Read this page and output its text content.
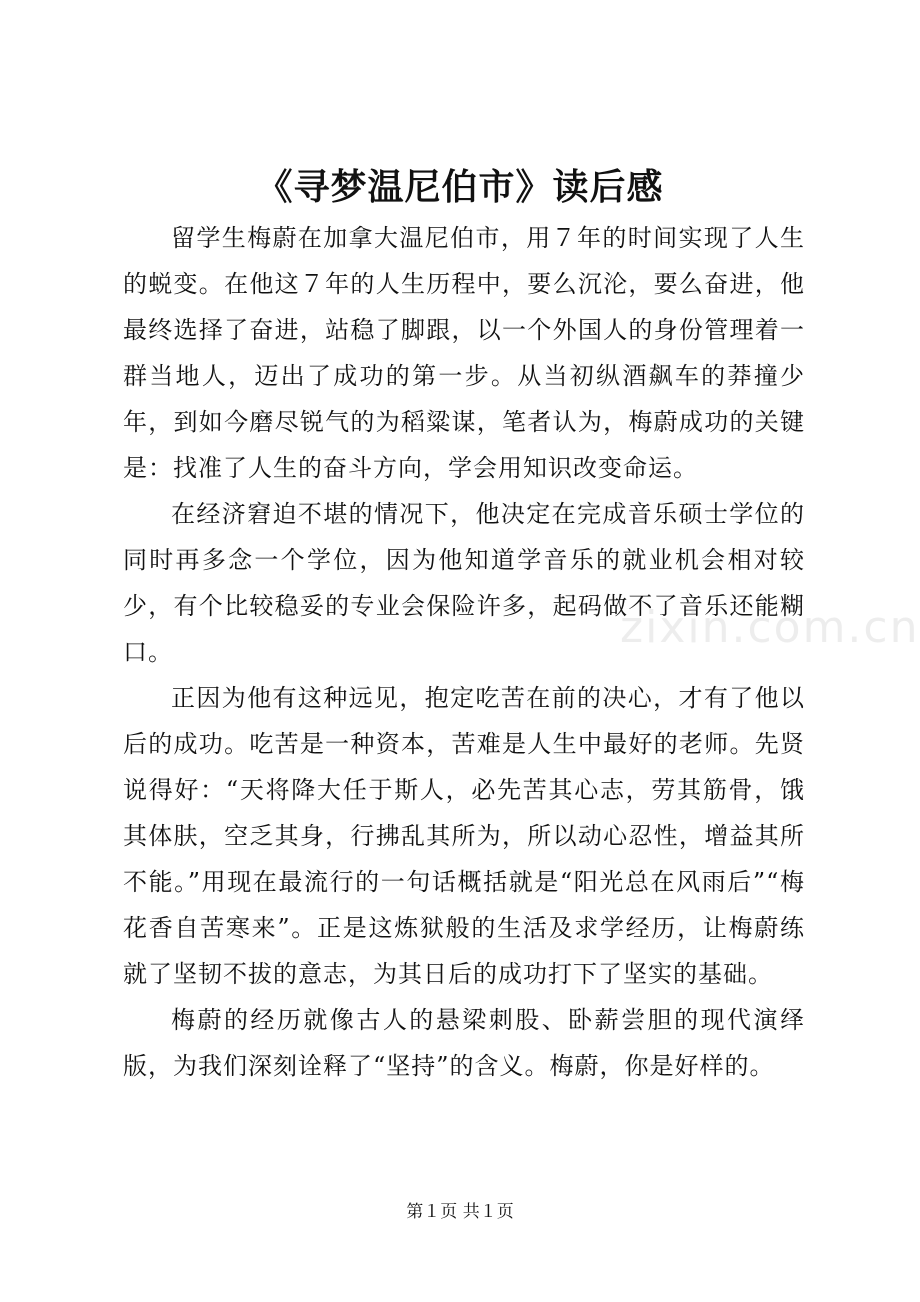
《寻梦温尼伯市》读后感

留学生梅蔚在加拿大温尼伯市，用７年的时间实现了人生的蜕变。在他这７年的人生历程中，要么沉沦，要么奋进，他最终选择了奋进，站稳了脚跟，以一个外国人的身份管理着一群当地人，迈出了成功的第一步。从当初纵酒飙车的莽撞少年，到如今磨尽锐气的为稻粱谋，笔者认为，梅蔚成功的关键是：找准了人生的奋斗方向，学会用知识改变命运。

在经济窘迫不堪的情况下，他决定在完成音乐硕士学位的同时再多念一个学位，因为他知道学音乐的就业机会相对较少，有个比较稳妥的专业会保险许多，起码做不了音乐还能糊口。

正因为他有这种远见，抱定吃苦在前的决心，才有了他以后的成功。吃苦是一种资本，苦难是人生中最好的老师。先贤说得好：“天将降大任于斯人，必先苦其心志，劳其筋骨，饿其体肤，空乏其身，行拂乱其所为，所以动心忍性，增益其所不能。”用现在最流行的一句话概括就是“阳光总在风雨后”“梅花香自苦寒来”。正是这炼狱般的生活及求学经历，让梅蔚练就了坚韧不拔的意志，为其日后的成功打下了坚实的基础。

梅蔚的经历就像古人的悬梁刺股、卧薪尝胆的现代演绎版，为我们深刻诠释了“坚持”的含义。梅蔚，你是好样的。

zixin.com.cn
第１页 共１页
